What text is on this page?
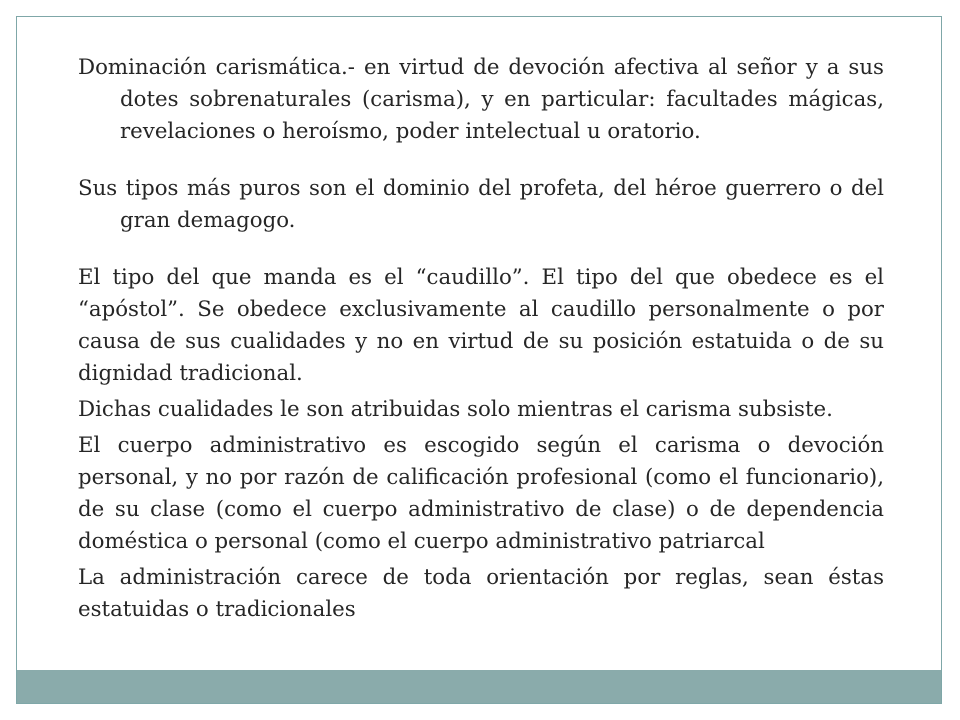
Dominación carismática.- en virtud de devoción afectiva al señor y a sus dotes sobrenaturales (carisma), y en particular: facultades mágicas, revelaciones o heroísmo, poder intelectual u oratorio.

Sus tipos más puros son el dominio del profeta, del héroe guerrero o del gran demagogo.

El tipo del que manda es el “caudillo”. El tipo del que obedece es el “apóstol”. Se obedece exclusivamente al caudillo personalmente o por causa de sus cualidades y no en virtud de su posición estatuida o de su dignidad tradicional.

Dichas cualidades le son atribuidas solo mientras el carisma subsiste.

El cuerpo administrativo es escogido según el carisma o devoción personal, y no por razón de calificación profesional (como el funcionario), de su clase (como el cuerpo administrativo de clase) o de dependencia doméstica o personal (como el cuerpo administrativo patriarcal

La administración carece de toda orientación por reglas, sean éstas estatuidas o tradicionales
